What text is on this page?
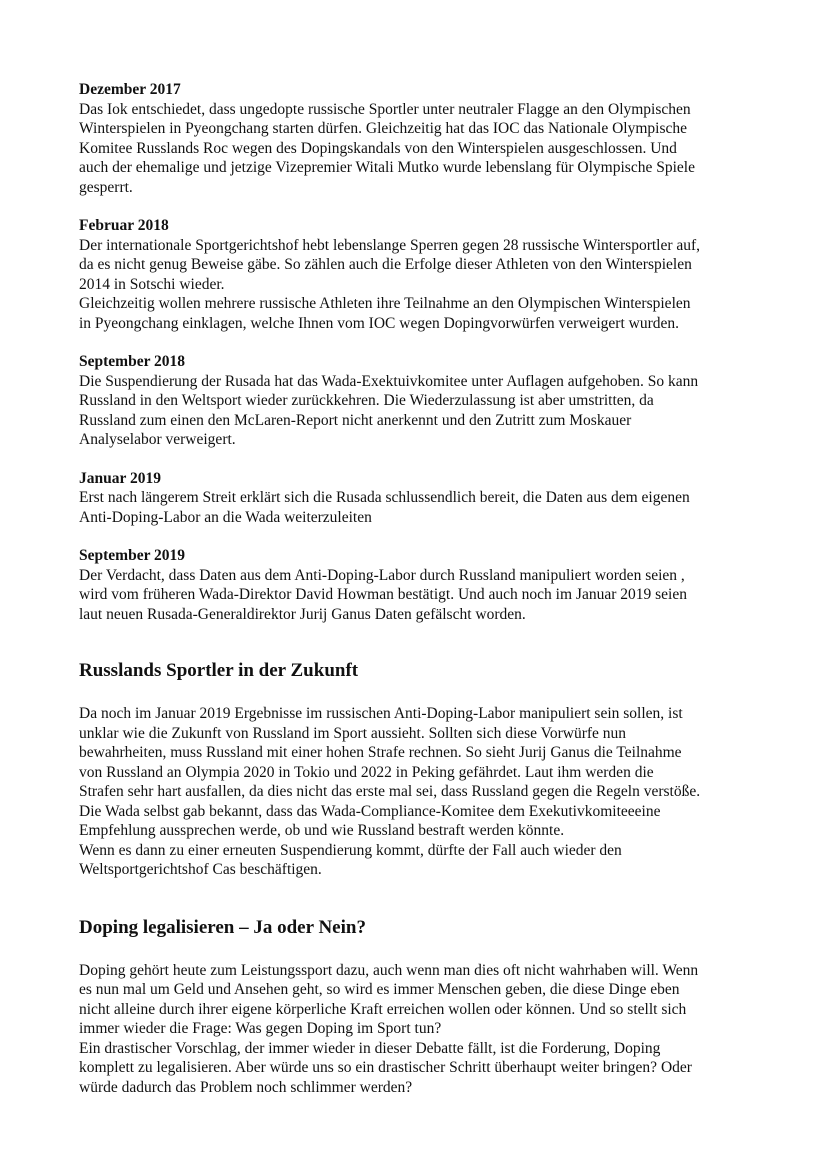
Dezember 2017

Das Iok entschiedet, dass ungedopte russische Sportler unter neutraler Flagge an den Olympischen
Winterspielen in Pyeongchang starten dürfen. Gleichzeitig hat das IOC das Nationale Olympische
Komitee Russlands Roc wegen des Dopingskandals von den Winterspielen ausgeschlossen. Und
auch der ehemalige und jetzige Vizepremier Witali Mutko wurde lebenslang für Olympische Spiele
gesperrt.

Februar 2018

Der internationale Sportgerichtshof hebt lebenslange Sperren gegen 28 russische Wintersportler auf,
da es nicht genug Beweise gäbe. So zählen auch die Erfolge dieser Athleten von den Winterspielen
2014 in Sotschi wieder.
Gleichzeitig wollen mehrere russische Athleten ihre Teilnahme an den Olympischen Winterspielen
in Pyeongchang einklagen, welche Ihnen vom IOC wegen Dopingvorwürfen verweigert wurden.

September 2018

Die Suspendierung der Rusada hat das Wada-Exektuivkomitee unter Auflagen aufgehoben. So kann
Russland in den Weltsport wieder zurückkehren. Die Wiederzulassung ist aber umstritten, da
Russland zum einen den McLaren-Report nicht anerkennt und den Zutritt zum Moskauer
Analyselabor verweigert.

Januar 2019

Erst nach längerem Streit erklärt sich die Rusada schlussendlich bereit, die Daten aus dem eigenen
Anti-Doping-Labor an die Wada weiterzuleiten

September 2019

Der Verdacht, dass Daten aus dem Anti-Doping-Labor durch Russland manipuliert worden seien ,
wird vom früheren Wada-Direktor David Howman bestätigt. Und auch noch im Januar 2019 seien
laut neuen Rusada-Generaldirektor Jurij Ganus Daten gefälscht worden.

Russlands Sportler in der Zukunft

Da noch im Januar 2019 Ergebnisse im russischen Anti-Doping-Labor manipuliert sein sollen, ist
unklar wie die Zukunft von Russland im Sport aussieht. Sollten sich diese Vorwürfe nun
bewahrheiten, muss Russland mit einer hohen Strafe rechnen. So sieht Jurij Ganus die Teilnahme
von Russland an Olympia 2020 in Tokio und 2022 in Peking gefährdet. Laut ihm werden die
Strafen sehr hart ausfallen, da dies nicht das erste mal sei, dass Russland gegen die Regeln verstöße.
Die Wada selbst gab bekannt, dass das Wada-Compliance-Komitee dem Exekutivkomiteeeine
Empfehlung aussprechen werde, ob und wie Russland bestraft werden könnte.
Wenn es dann zu einer erneuten Suspendierung kommt, dürfte der Fall auch wieder den
Weltsportgerichtshof Cas beschäftigen.

Doping legalisieren – Ja oder Nein?

Doping gehört heute zum Leistungssport dazu, auch wenn man dies oft nicht wahrhaben will. Wenn
es nun mal um Geld und Ansehen geht, so wird es immer Menschen geben, die diese Dinge eben
nicht alleine durch ihrer eigene körperliche Kraft erreichen wollen oder können. Und so stellt sich
immer wieder die Frage: Was gegen Doping im Sport tun?
Ein drastischer Vorschlag, der immer wieder in dieser Debatte fällt, ist die Forderung, Doping
komplett zu legalisieren. Aber würde uns so ein drastischer Schritt überhaupt weiter bringen? Oder
würde dadurch das Problem noch schlimmer werden?
